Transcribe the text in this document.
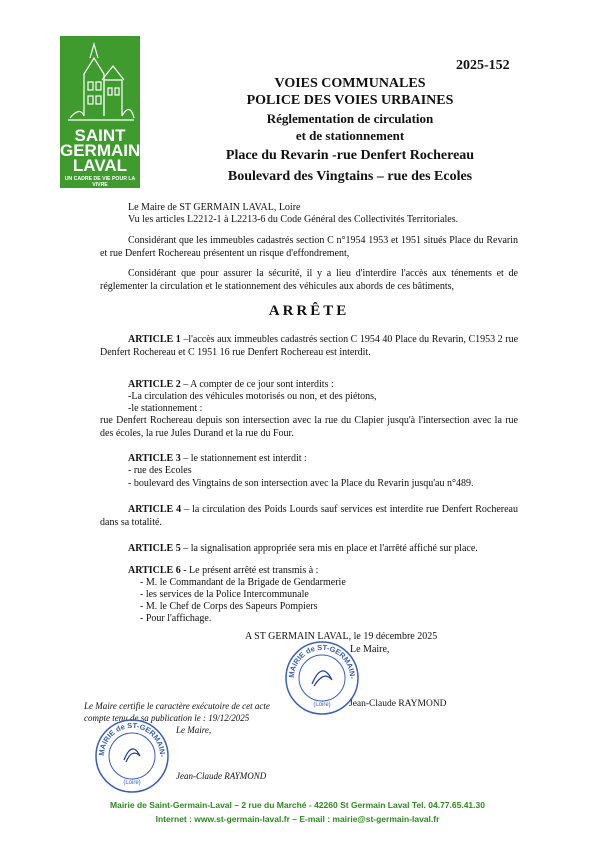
SAINT
GERMAIN
LAVAL
UN CADRE DE VIE POUR LA VIVRE
2025-152
VOIES COMMUNALES
POLICE DES VOIES URBAINES
Réglementation de circulation
et de stationnement
Place du Revarin -rue Denfert Rochereau
Boulevard des Vingtains – rue des Ecoles
Le Maire de ST GERMAIN LAVAL, Loire
Vu les articles L2212-1 à L2213-6 du Code Général des Collectivités Territoriales.

Considérant que les immeubles cadastrés section C n°1954 1953 et 1951 situés Place du Revarin et rue Denfert Rochereau présentent un risque d'effondrement,

Considérant que pour assurer la sécurité, il y a lieu d'interdire l'accès aux ténements et de réglementer la circulation et le stationnement des véhicules aux abords de ces bâtiments,

ARRÊTE

ARTICLE 1 –l'accès aux immeubles cadastrés section C 1954 40 Place du Revarin, C1953 2 rue Denfert Rochereau et C 1951 16 rue Denfert Rochereau est interdit.

ARTICLE 2 – A compter de ce jour sont interdits :
-La circulation des véhicules motorisés ou non, et des piétons,
-le stationnement :

rue Denfert Rochereau depuis son intersection avec la rue du Clapier jusqu'à l'intersection avec la rue des écoles, la rue Jules Durand et la rue du Four.

ARTICLE 3 – le stationnement est interdit :
- rue des Ecoles
- boulevard des Vingtains de son intersection avec la Place du Revarin jusqu'au n°489.

ARTICLE 4 – la circulation des Poids Lourds sauf services est interdite rue Denfert Rochereau dans sa totalité.

ARTICLE 5 – la signalisation appropriée sera mis en place et l'arrêté affiché sur place.
ARTICLE 6 - Le présent arrêté est transmis à :
- M. le Commandant de la Brigade de Gendarmerie
- les services de la Police Intercommunale
- M. le Chef de Corps des Sapeurs Pompiers
- Pour l'affichage.
A ST GERMAIN LAVAL, le 19 décembre 2025
Le Maire,
MAIRIE de ST-GERMAIN-
(Loire) Jean-Claude RAYMOND
Le Maire certifie le caractère exécutoire de cet acte
compte tenu de sa publication le : 19/12/2025
Le Maire,
MAIRIE de ST-GERMAIN-
(Loire)
Jean-Claude RAYMOND
Mairie de Saint-Germain-Laval – 2 rue du Marché - 42260 St Germain Laval Tel. 04.77.65.41.30
Internet : www.st-germain-laval.fr – E-mail : mairie@st-germain-laval.fr
